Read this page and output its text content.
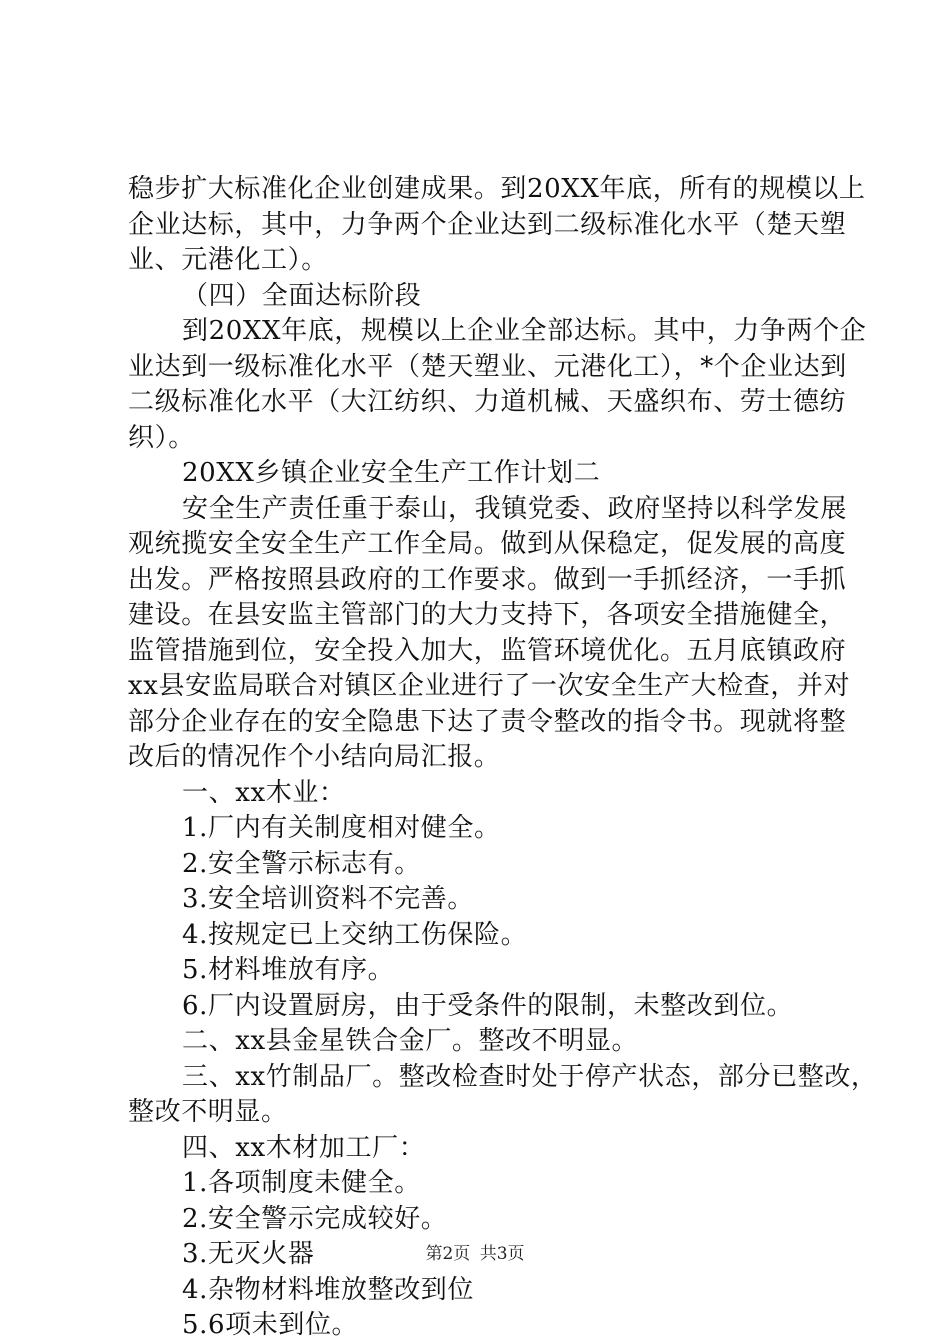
稳步扩大标准化企业创建成果。到20XX年底，所有的规模以上
企业达标，其中，力争两个企业达到二级标准化水平（楚天塑
业、元港化工）。
（四）全面达标阶段
到20XX年底，规模以上企业全部达标。其中，力争两个企
业达到一级标准化水平（楚天塑业、元港化工），*个企业达到
二级标准化水平（大江纺织、力道机械、天盛织布、劳士德纺
织）。
20XX乡镇企业安全生产工作计划二
安全生产责任重于泰山，我镇党委、政府坚持以科学发展
观统揽安全安全生产工作全局。做到从保稳定，促发展的高度
出发。严格按照县政府的工作要求。做到一手抓经济，一手抓
建设。在县安监主管部门的大力支持下，各项安全措施健全，
监管措施到位，安全投入加大，监管环境优化。五月底镇政府
xx县安监局联合对镇区企业进行了一次安全生产大检查，并对
部分企业存在的安全隐患下达了责令整改的指令书。现就将整
改后的情况作个小结向局汇报。
一、xx木业：
1.厂内有关制度相对健全。
2.安全警示标志有。
3.安全培训资料不完善。
4.按规定已上交纳工伤保险。
5.材料堆放有序。
6.厂内设置厨房，由于受条件的限制，未整改到位。
二、xx县金星铁合金厂。整改不明显。
三、xx竹制品厂。整改检查时处于停产状态，部分已整改，
整改不明显。
四、xx木材加工厂：
1.各项制度未健全。
2.安全警示完成较好。
3.无灭火器
4.杂物材料堆放整改到位
5.6项未到位。
第2页 共3页
